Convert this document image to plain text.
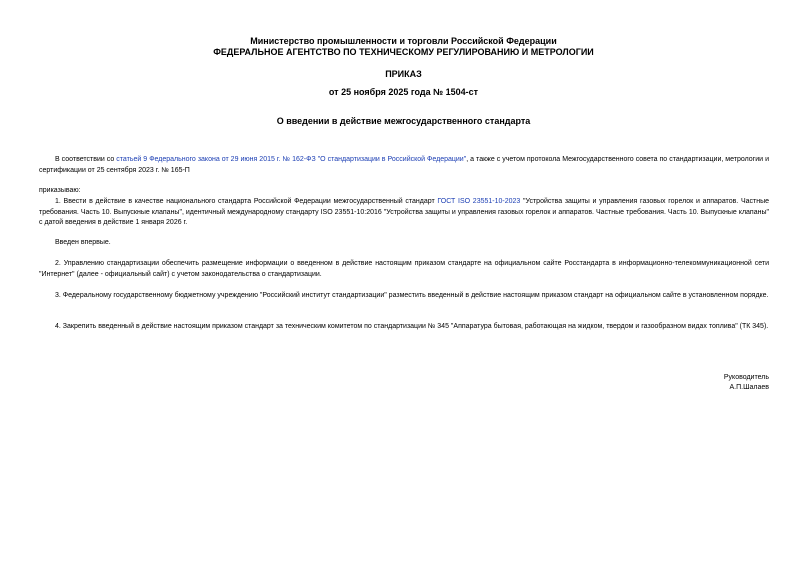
Министерство промышленности и торговли Российской Федерации
ФЕДЕРАЛЬНОЕ АГЕНТСТВО ПО ТЕХНИЧЕСКОМУ РЕГУЛИРОВАНИЮ И МЕТРОЛОГИИ
ПРИКАЗ
от 25 ноября 2025 года № 1504-ст
О введении в действие межгосударственного стандарта
В соответствии со статьей 9 Федерального закона от 29 июня 2015 г. № 162-ФЗ "О стандартизации в Российской Федерации", а также с учетом протокола Межгосударственного совета по стандартизации, метрологии и сертификации от 25 сентября 2023 г. № 165-П
приказываю:
1. Ввести в действие в качестве национального стандарта Российской Федерации межгосударственный стандарт ГОСТ ISO 23551-10-2023 "Устройства защиты и управления газовых горелок и аппаратов. Частные требования. Часть 10. Выпускные клапаны", идентичный международному стандарту ISO 23551-10:2016 "Устройства защиты и управления газовых горелок и аппаратов. Частные требования. Часть 10. Выпускные клапаны" с датой введения в действие 1 января 2026 г.
Введен впервые.
2. Управлению стандартизации обеспечить размещение информации о введенном в действие настоящим приказом стандарте на официальном сайте Росстандарта в информационно-телекоммуникационной сети "Интернет" (далее - официальный сайт) с учетом законодательства о стандартизации.
3. Федеральному государственному бюджетному учреждению "Российский институт стандартизации" разместить введенный в действие настоящим приказом стандарт на официальном сайте в установленном порядке.
4. Закрепить введенный в действие настоящим приказом стандарт за техническим комитетом по стандартизации № 345 "Аппаратура бытовая, работающая на жидком, твердом и газообразном видах топлива" (ТК 345).
Руководитель
А.П.Шалаев
